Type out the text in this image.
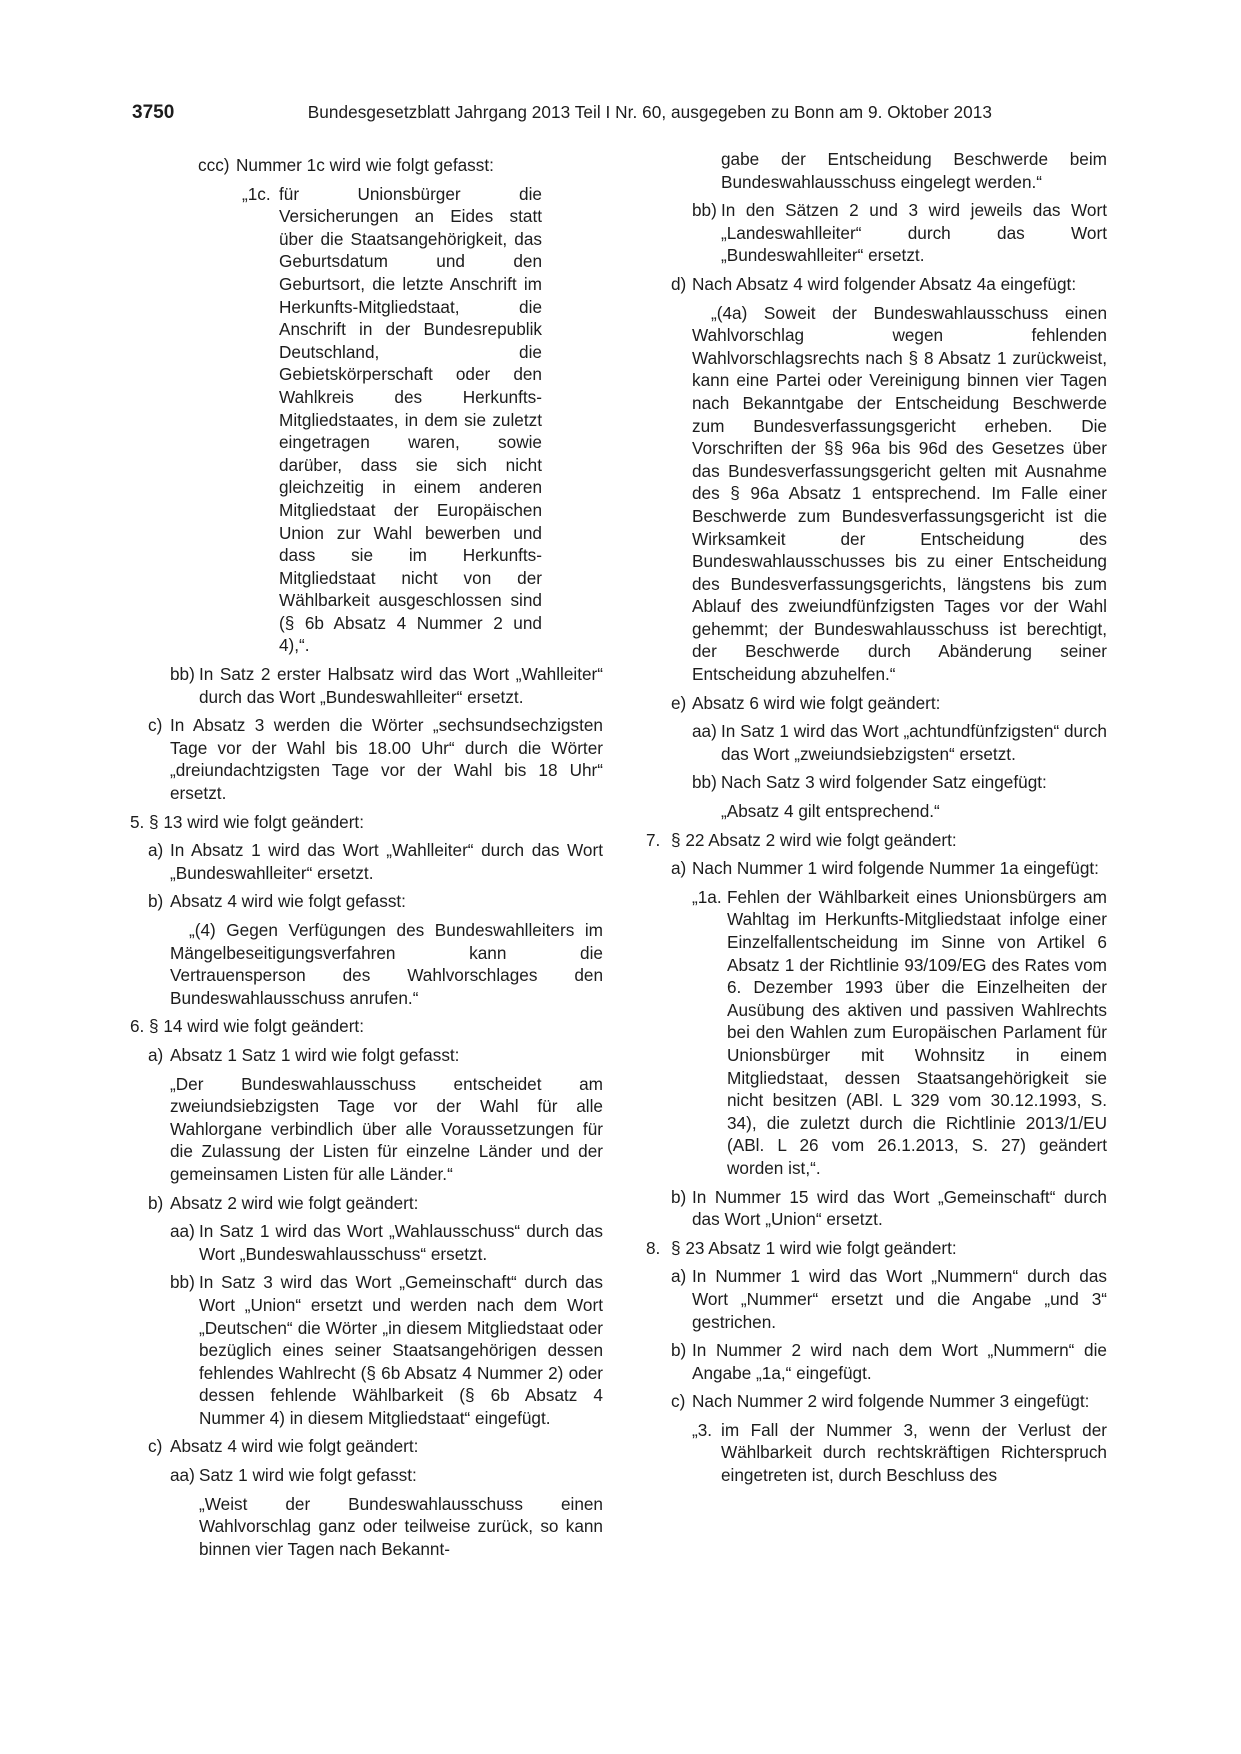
3750	Bundesgesetzblatt Jahrgang 2013 Teil I Nr. 60, ausgegeben zu Bonn am 9. Oktober 2013
ccc) Nummer 1c wird wie folgt gefasst:

„1c. für Unionsbürger die Versicherungen an Eides statt über die Staatsangehörigkeit, das Geburtsdatum und den Geburtsort, die letzte Anschrift im Herkunfts-Mitgliedstaat, die Anschrift in der Bundesrepublik Deutschland, die Gebietskörperschaft oder den Wahlkreis des Herkunfts-Mitgliedstaates, in dem sie zuletzt eingetragen waren, sowie darüber, dass sie sich nicht gleichzeitig in einem anderen Mitgliedstaat der Europäischen Union zur Wahl bewerben und dass sie im Herkunfts-Mitgliedstaat nicht von der Wählbarkeit ausgeschlossen sind (§ 6b Absatz 4 Nummer 2 und 4),“.

bb) In Satz 2 erster Halbsatz wird das Wort „Wahlleiter“ durch das Wort „Bundeswahlleiter“ ersetzt.

c) In Absatz 3 werden die Wörter „sechsundsechzigsten Tage vor der Wahl bis 18.00 Uhr“ durch die Wörter „dreiundachtzigsten Tage vor der Wahl bis 18 Uhr“ ersetzt.

5. § 13 wird wie folgt geändert:

a) In Absatz 1 wird das Wort „Wahlleiter“ durch das Wort „Bundeswahlleiter“ ersetzt.

b) Absatz 4 wird wie folgt gefasst:

„(4) Gegen Verfügungen des Bundeswahlleiters im Mängelbeseitigungsverfahren kann die Vertrauensperson des Wahlvorschlages den Bundeswahlausschuss anrufen.“

6. § 14 wird wie folgt geändert:

a) Absatz 1 Satz 1 wird wie folgt gefasst:

„Der Bundeswahlausschuss entscheidet am zweiundsiebzigsten Tage vor der Wahl für alle Wahlorgane verbindlich über alle Voraussetzungen für die Zulassung der Listen für einzelne Länder und der gemeinsamen Listen für alle Länder.“

b) Absatz 2 wird wie folgt geändert:

aa) In Satz 1 wird das Wort „Wahlausschuss“ durch das Wort „Bundeswahlausschuss“ ersetzt.

bb) In Satz 3 wird das Wort „Gemeinschaft“ durch das Wort „Union“ ersetzt und werden nach dem Wort „Deutschen“ die Wörter „in diesem Mitgliedstaat oder bezüglich eines seiner Staatsangehörigen dessen fehlendes Wahlrecht (§ 6b Absatz 4 Nummer 2) oder dessen fehlende Wählbarkeit (§ 6b Absatz 4 Nummer 4) in diesem Mitgliedstaat“ eingefügt.

c) Absatz 4 wird wie folgt geändert:

aa) Satz 1 wird wie folgt gefasst:

„Weist der Bundeswahlausschuss einen Wahlvorschlag ganz oder teilweise zurück, so kann binnen vier Tagen nach Bekannt-

gabe der Entscheidung Beschwerde beim Bundeswahlausschuss eingelegt werden.“

bb) In den Sätzen 2 und 3 wird jeweils das Wort „Landeswahlleiter“ durch das Wort „Bundeswahlleiter“ ersetzt.

d) Nach Absatz 4 wird folgender Absatz 4a eingefügt:

„(4a) Soweit der Bundeswahlausschuss einen Wahlvorschlag wegen fehlenden Wahlvorschlagsrechts nach § 8 Absatz 1 zurückweist, kann eine Partei oder Vereinigung binnen vier Tagen nach Bekanntgabe der Entscheidung Beschwerde zum Bundesverfassungsgericht erheben. Die Vorschriften der §§ 96a bis 96d des Gesetzes über das Bundesverfassungsgericht gelten mit Ausnahme des § 96a Absatz 1 entsprechend. Im Falle einer Beschwerde zum Bundesverfassungsgericht ist die Wirksamkeit der Entscheidung des Bundeswahlausschusses bis zu einer Entscheidung des Bundesverfassungsgerichts, längstens bis zum Ablauf des zweiundfünfzigsten Tages vor der Wahl gehemmt; der Bundeswahlausschuss ist berechtigt, der Beschwerde durch Abänderung seiner Entscheidung abzuhelfen.“

e) Absatz 6 wird wie folgt geändert:

aa) In Satz 1 wird das Wort „achtundfünfzigsten“ durch das Wort „zweiundsiebzigsten“ ersetzt.

bb) Nach Satz 3 wird folgender Satz eingefügt:

„Absatz 4 gilt entsprechend.“

7. § 22 Absatz 2 wird wie folgt geändert:

a) Nach Nummer 1 wird folgende Nummer 1a eingefügt:

„1a. Fehlen der Wählbarkeit eines Unionsbürgers am Wahltag im Herkunfts-Mitgliedstaat infolge einer Einzelfallentscheidung im Sinne von Artikel 6 Absatz 1 der Richtlinie 93/109/EG des Rates vom 6. Dezember 1993 über die Einzelheiten der Ausübung des aktiven und passiven Wahlrechts bei den Wahlen zum Europäischen Parlament für Unionsbürger mit Wohnsitz in einem Mitgliedstaat, dessen Staatsangehörigkeit sie nicht besitzen (ABl. L 329 vom 30.12.1993, S. 34), die zuletzt durch die Richtlinie 2013/1/EU (ABl. L 26 vom 26.1.2013, S. 27) geändert worden ist,“.

b) In Nummer 15 wird das Wort „Gemeinschaft“ durch das Wort „Union“ ersetzt.

8. § 23 Absatz 1 wird wie folgt geändert:

a) In Nummer 1 wird das Wort „Nummern“ durch das Wort „Nummer“ ersetzt und die Angabe „und 3“ gestrichen.

b) In Nummer 2 wird nach dem Wort „Nummern“ die Angabe „1a,“ eingefügt.

c) Nach Nummer 2 wird folgende Nummer 3 eingefügt:

„3. im Fall der Nummer 3, wenn der Verlust der Wählbarkeit durch rechtskräftigen Richterspruch eingetreten ist, durch Beschluss des
